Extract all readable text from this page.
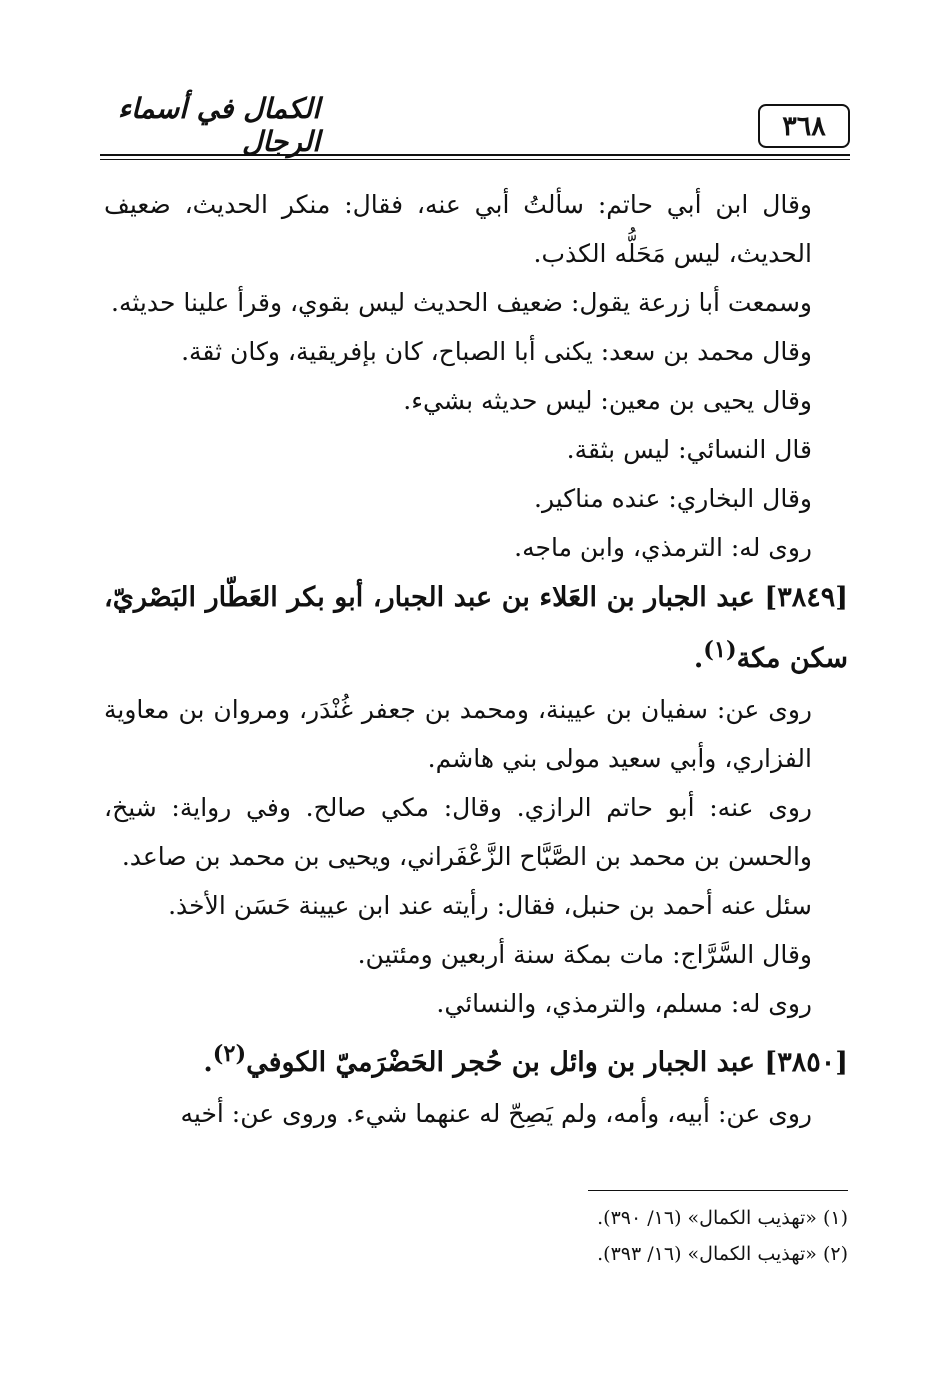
٣٦٨
الكمال في أسماء الرجال

وقال ابن أبي حاتم: سألتُ أبي عنه، فقال: منكر الحديث، ضعيف الحديث، ليس مَحَلُّه الكذب.

وسمعت أبا زرعة يقول: ضعيف الحديث ليس بقوي، وقرأ علينا حديثه.

وقال محمد بن سعد: يكنى أبا الصباح، كان بإفريقية، وكان ثقة.

وقال يحيى بن معين: ليس حديثه بشيء.

قال النسائي: ليس بثقة.

وقال البخاري: عنده مناكير.

روى له: الترمذي، وابن ماجه.

[٣٨٤٩] عبد الجبار بن العَلاء بن عبد الجبار، أبو بكر العَطّار البَصْريّ، سكن مكة$^{(١)}$.

روى عن: سفيان بن عيينة، ومحمد بن جعفر غُنْدَر، ومروان بن معاوية الفزاري، وأبي سعيد مولى بني هاشم.

روى عنه: أبو حاتم الرازي. وقال: مكي صالح. وفي رواية: شيخ، والحسن بن محمد بن الصَّبَّاح الزَّعْفَراني، ويحيى بن محمد بن صاعد.

سئل عنه أحمد بن حنبل، فقال: رأيته عند ابن عيينة حَسَن الأخذ.

وقال السَّرَّاج: مات بمكة سنة أربعين ومئتين.

روى له: مسلم، والترمذي، والنسائي.

[٣٨٥٠] عبد الجبار بن وائل بن حُجر الحَضْرَميّ الكوفي$^{(٢)}$.

روى عن: أبيه، وأمه، ولم يَصِحّ له عنهما شيء. وروى عن: أخيه

(١) «تهذيب الكمال» (١٦/ ٣٩٠).

(٢) «تهذيب الكمال» (١٦/ ٣٩٣).
